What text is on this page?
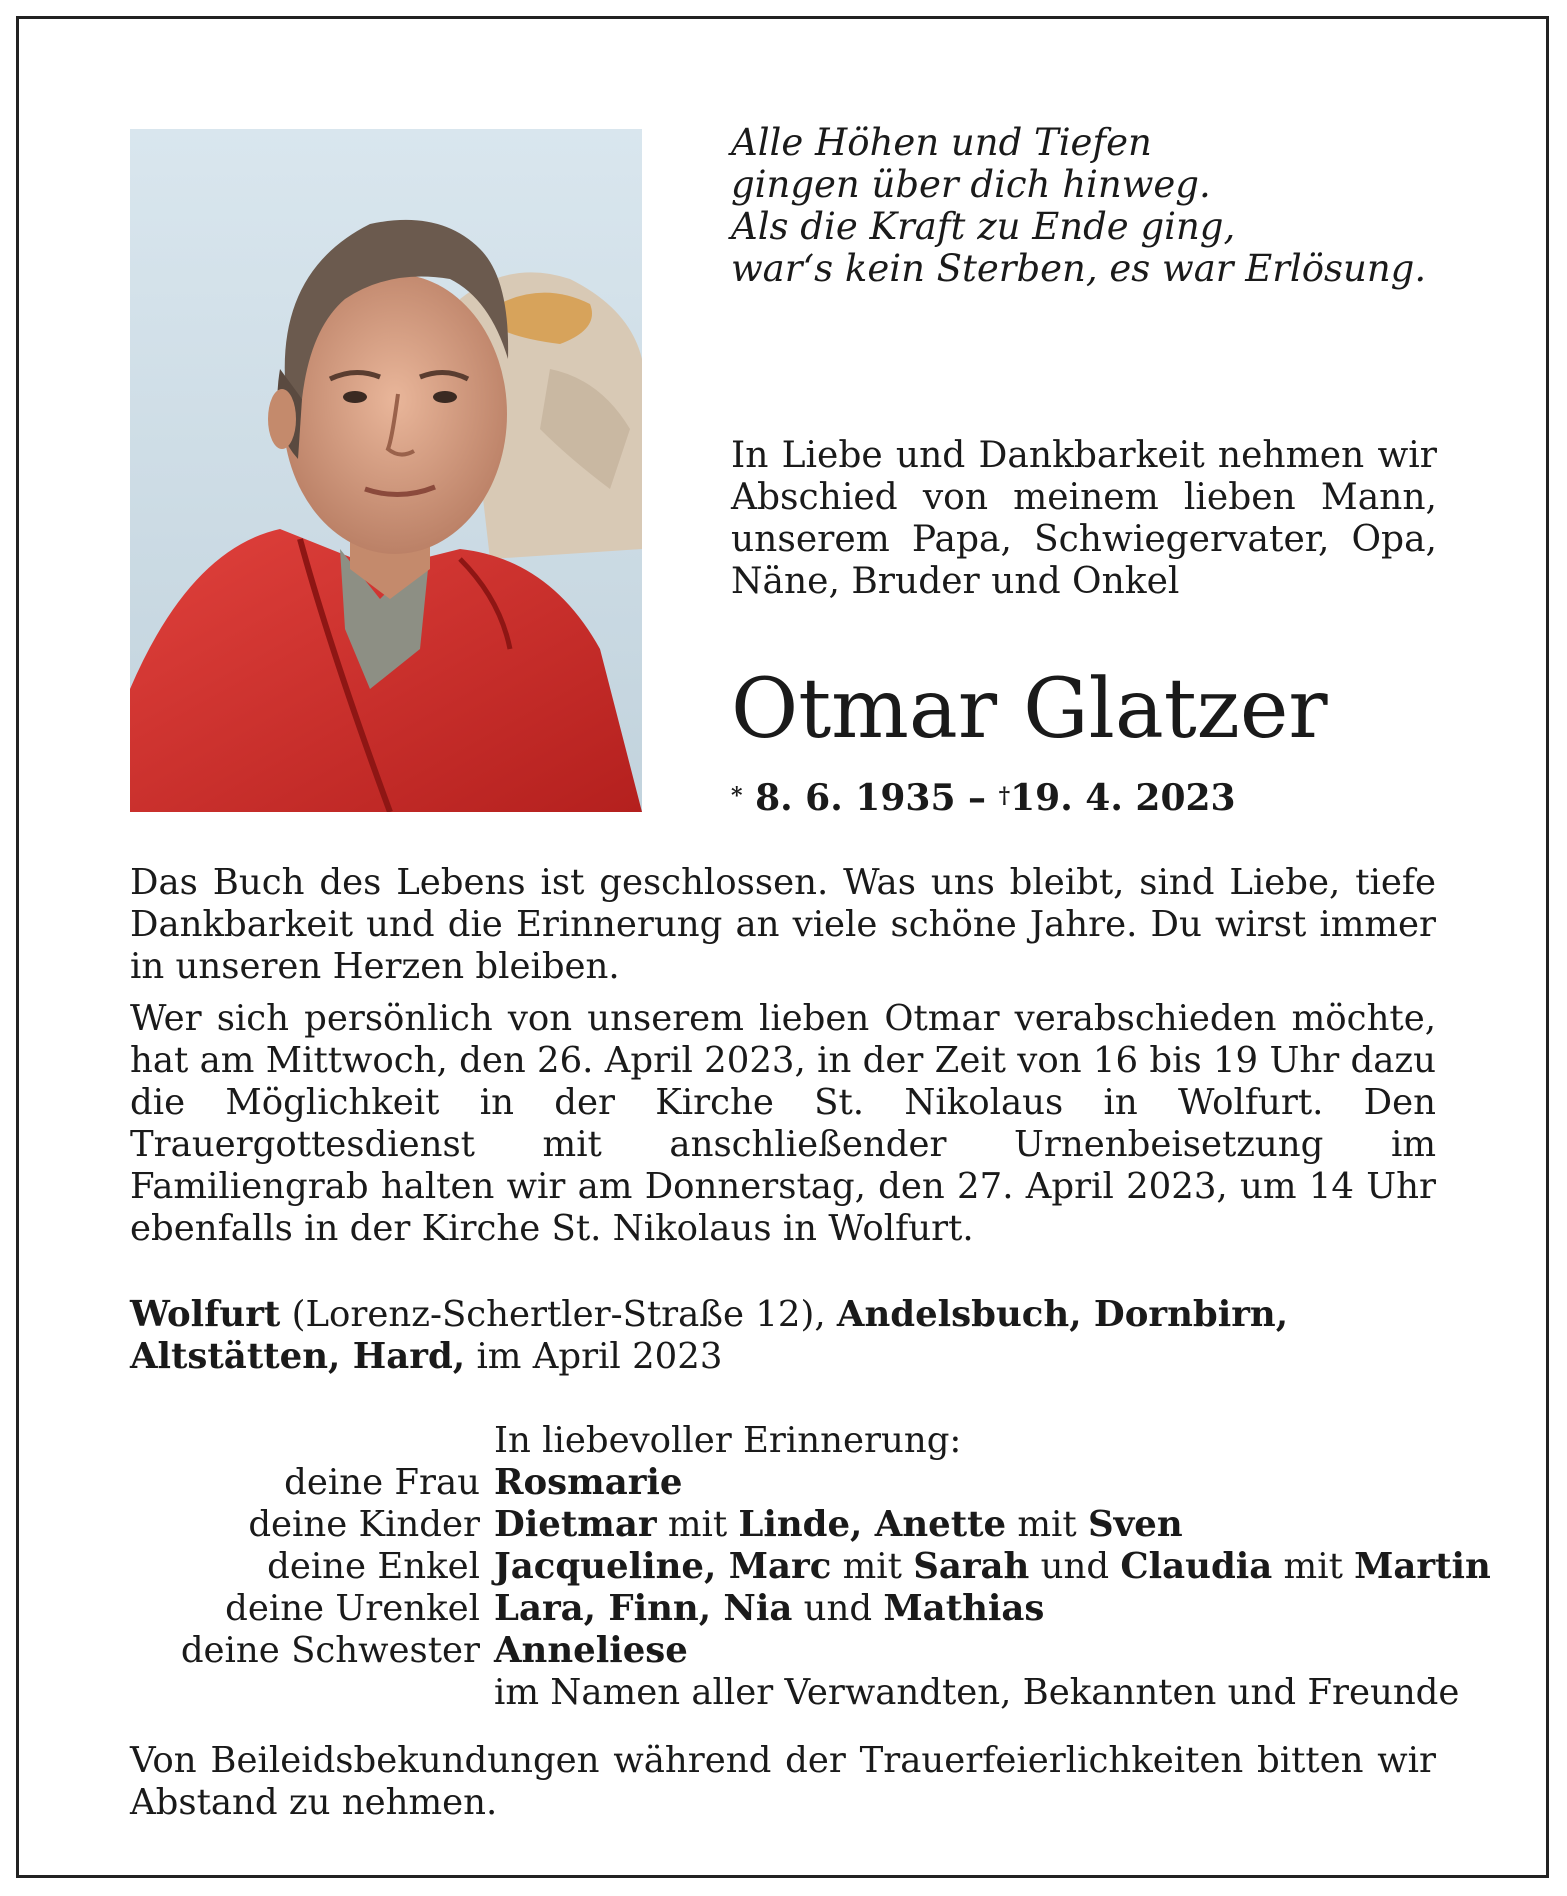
Alle Höhen und Tiefen
gingen über dich hinweg.
Als die Kraft zu Ende ging,
war‘s kein Sterben, es war Erlösung.
In Liebe und Dankbarkeit nehmen wir Abschied von meinem lieben Mann, unserem Papa, Schwiegervater, Opa, Näne, Bruder und Onkel
Otmar Glatzer
* 8. 6. 1935 – †19. 4. 2023

Das Buch des Lebens ist geschlossen. Was uns bleibt, sind Liebe, tiefe Dankbarkeit und die Erinnerung an viele schöne Jahre. Du wirst immer in unseren Herzen bleiben.

Wer sich persönlich von unserem lieben Otmar verabschieden möchte, hat am Mittwoch, den 26. April 2023, in der Zeit von 16 bis 19 Uhr dazu die Möglichkeit in der Kirche St. Nikolaus in Wolfurt. Den Trauergottesdienst mit anschließender Urnenbeisetzung im Familiengrab halten wir am Donnerstag, den 27. April 2023, um 14 Uhr ebenfalls in der Kirche St. Nikolaus in Wolfurt.

Wolfurt (Lorenz-Schertler-Straße 12), Andelsbuch, Dornbirn,
Altstätten, Hard, im April 2023
In liebevoller Erinnerung:
deine Frau Rosmarie
deine Kinder Dietmar mit Linde, Anette mit Sven
deine Enkel Jacqueline, Marc mit Sarah und Claudia mit Martin
deine Urenkel Lara, Finn, Nia und Mathias
deine Schwester Anneliese
im Namen aller Verwandten, Bekannten und Freunde
Von Beileidsbekundungen während der Trauerfeierlichkeiten bitten wir Abstand zu nehmen.
